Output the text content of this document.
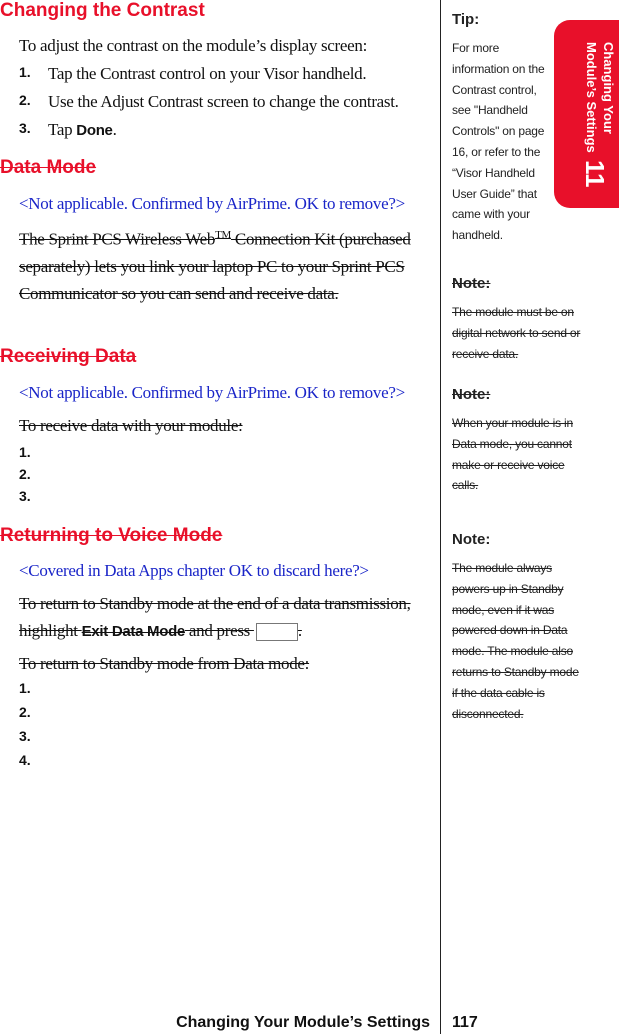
Changing the Contrast

To adjust the contrast on the module’s display screen:

1. Tap the Contrast control on your Visor handheld.
2. Use the Adjust Contrast screen to change the contrast.
3. Tap Done.
Data Mode

<Not applicable. Confirmed by AirPrime. OK to remove?>

The Sprint PCS Wireless Web™ Connection Kit (purchased separately) lets you link your laptop PC to your Sprint PCS Communicator so you can send and receive data.

Receiving Data

<Not applicable. Confirmed by AirPrime. OK to remove?>

To receive data with your module:

1.
2.
3.
Returning to Voice Mode

<Covered in Data Apps chapter OK to discard here?>

To return to Standby mode at the end of a data transmission, highlight Exit Data Mode and press	.

To return to Standby mode from Data mode:

1.
2.
3.
4.
Tip:

For more information on the Contrast control, see "Handheld Controls" on page 16, or refer to the “Visor Handheld User Guide” that came with your handheld.

Note:

The module must be on digital network to send or receive data.

Note:

When your module is in Data mode, you cannot make or receive voice calls.

Note:

The module always powers up in Standby mode, even if it was powered down in Data mode. The module also returns to Standby mode if the data cable is disconnected.

Changing Your Module’s Settings
11
Changing Your Module’s Settings 117
